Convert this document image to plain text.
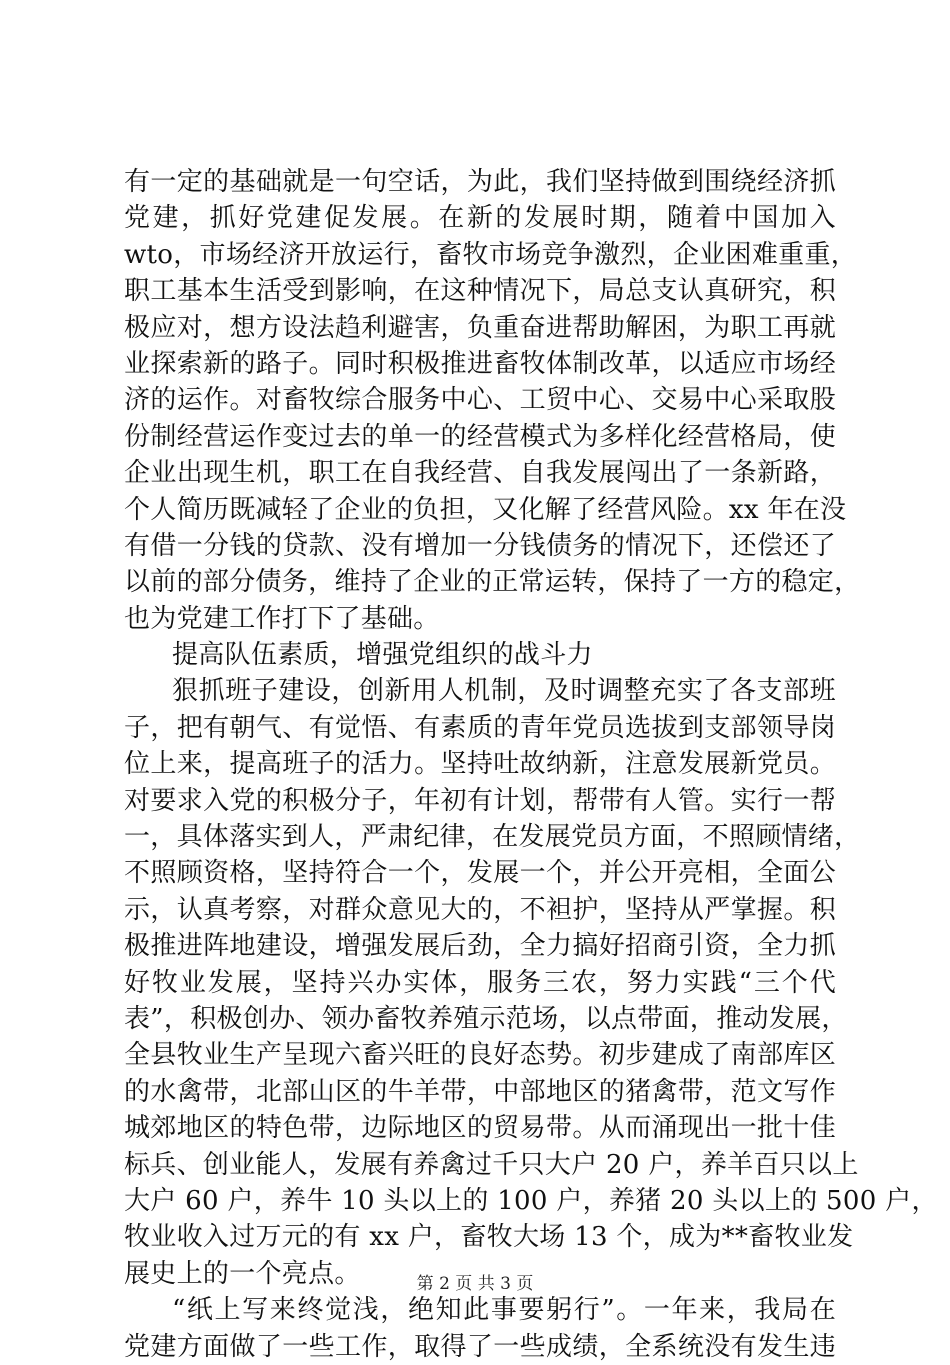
有一定的基础就是一句空话，为此，我们坚持做到围绕经济抓
党建，抓好党建促发展。在新的发展时期，随着中国加入
wto，市场经济开放运行，畜牧市场竞争激烈，企业困难重重，
职工基本生活受到影响，在这种情况下，局总支认真研究，积
极应对，想方设法趋利避害，负重奋进帮助解困，为职工再就
业探索新的路子。同时积极推进畜牧体制改革，以适应市场经
济的运作。对畜牧综合服务中心、工贸中心、交易中心采取股
份制经营运作变过去的单一的经营模式为多样化经营格局，使
企业出现生机，职工在自我经营、自我发展闯出了一条新路，
个人简历既减轻了企业的负担，又化解了经营风险。xx 年在没
有借一分钱的贷款、没有增加一分钱债务的情况下，还偿还了
以前的部分债务，维持了企业的正常运转，保持了一方的稳定，
也为党建工作打下了基础。
提高队伍素质，增强党组织的战斗力
狠抓班子建设，创新用人机制，及时调整充实了各支部班
子，把有朝气、有觉悟、有素质的青年党员选拔到支部领导岗
位上来，提高班子的活力。坚持吐故纳新，注意发展新党员。
对要求入党的积极分子，年初有计划，帮带有人管。实行一帮
一，具体落实到人，严肃纪律，在发展党员方面，不照顾情绪，
不照顾资格，坚持符合一个，发展一个，并公开亮相，全面公
示，认真考察，对群众意见大的，不袒护，坚持从严掌握。积
极推进阵地建设，增强发展后劲，全力搞好招商引资，全力抓
好牧业发展，坚持兴办实体，服务三农，努力实践“三个代
表”，积极创办、领办畜牧养殖示范场，以点带面，推动发展，
全县牧业生产呈现六畜兴旺的良好态势。初步建成了南部库区
的水禽带，北部山区的牛羊带，中部地区的猪禽带，范文写作
城郊地区的特色带，边际地区的贸易带。从而涌现出一批十佳
标兵、创业能人，发展有养禽过千只大户 20 户，养羊百只以上
大户 60 户，养牛 10 头以上的 100 户，养猪 20 头以上的 500 户，
牧业收入过万元的有 xx 户，畜牧大场 13 个，成为**畜牧业发
展史上的一个亮点。
“纸上写来终觉浅，绝知此事要躬行”。一年来，我局在
党建方面做了一些工作，取得了一些成绩，全系统没有发生违
第 2 页 共 3 页
